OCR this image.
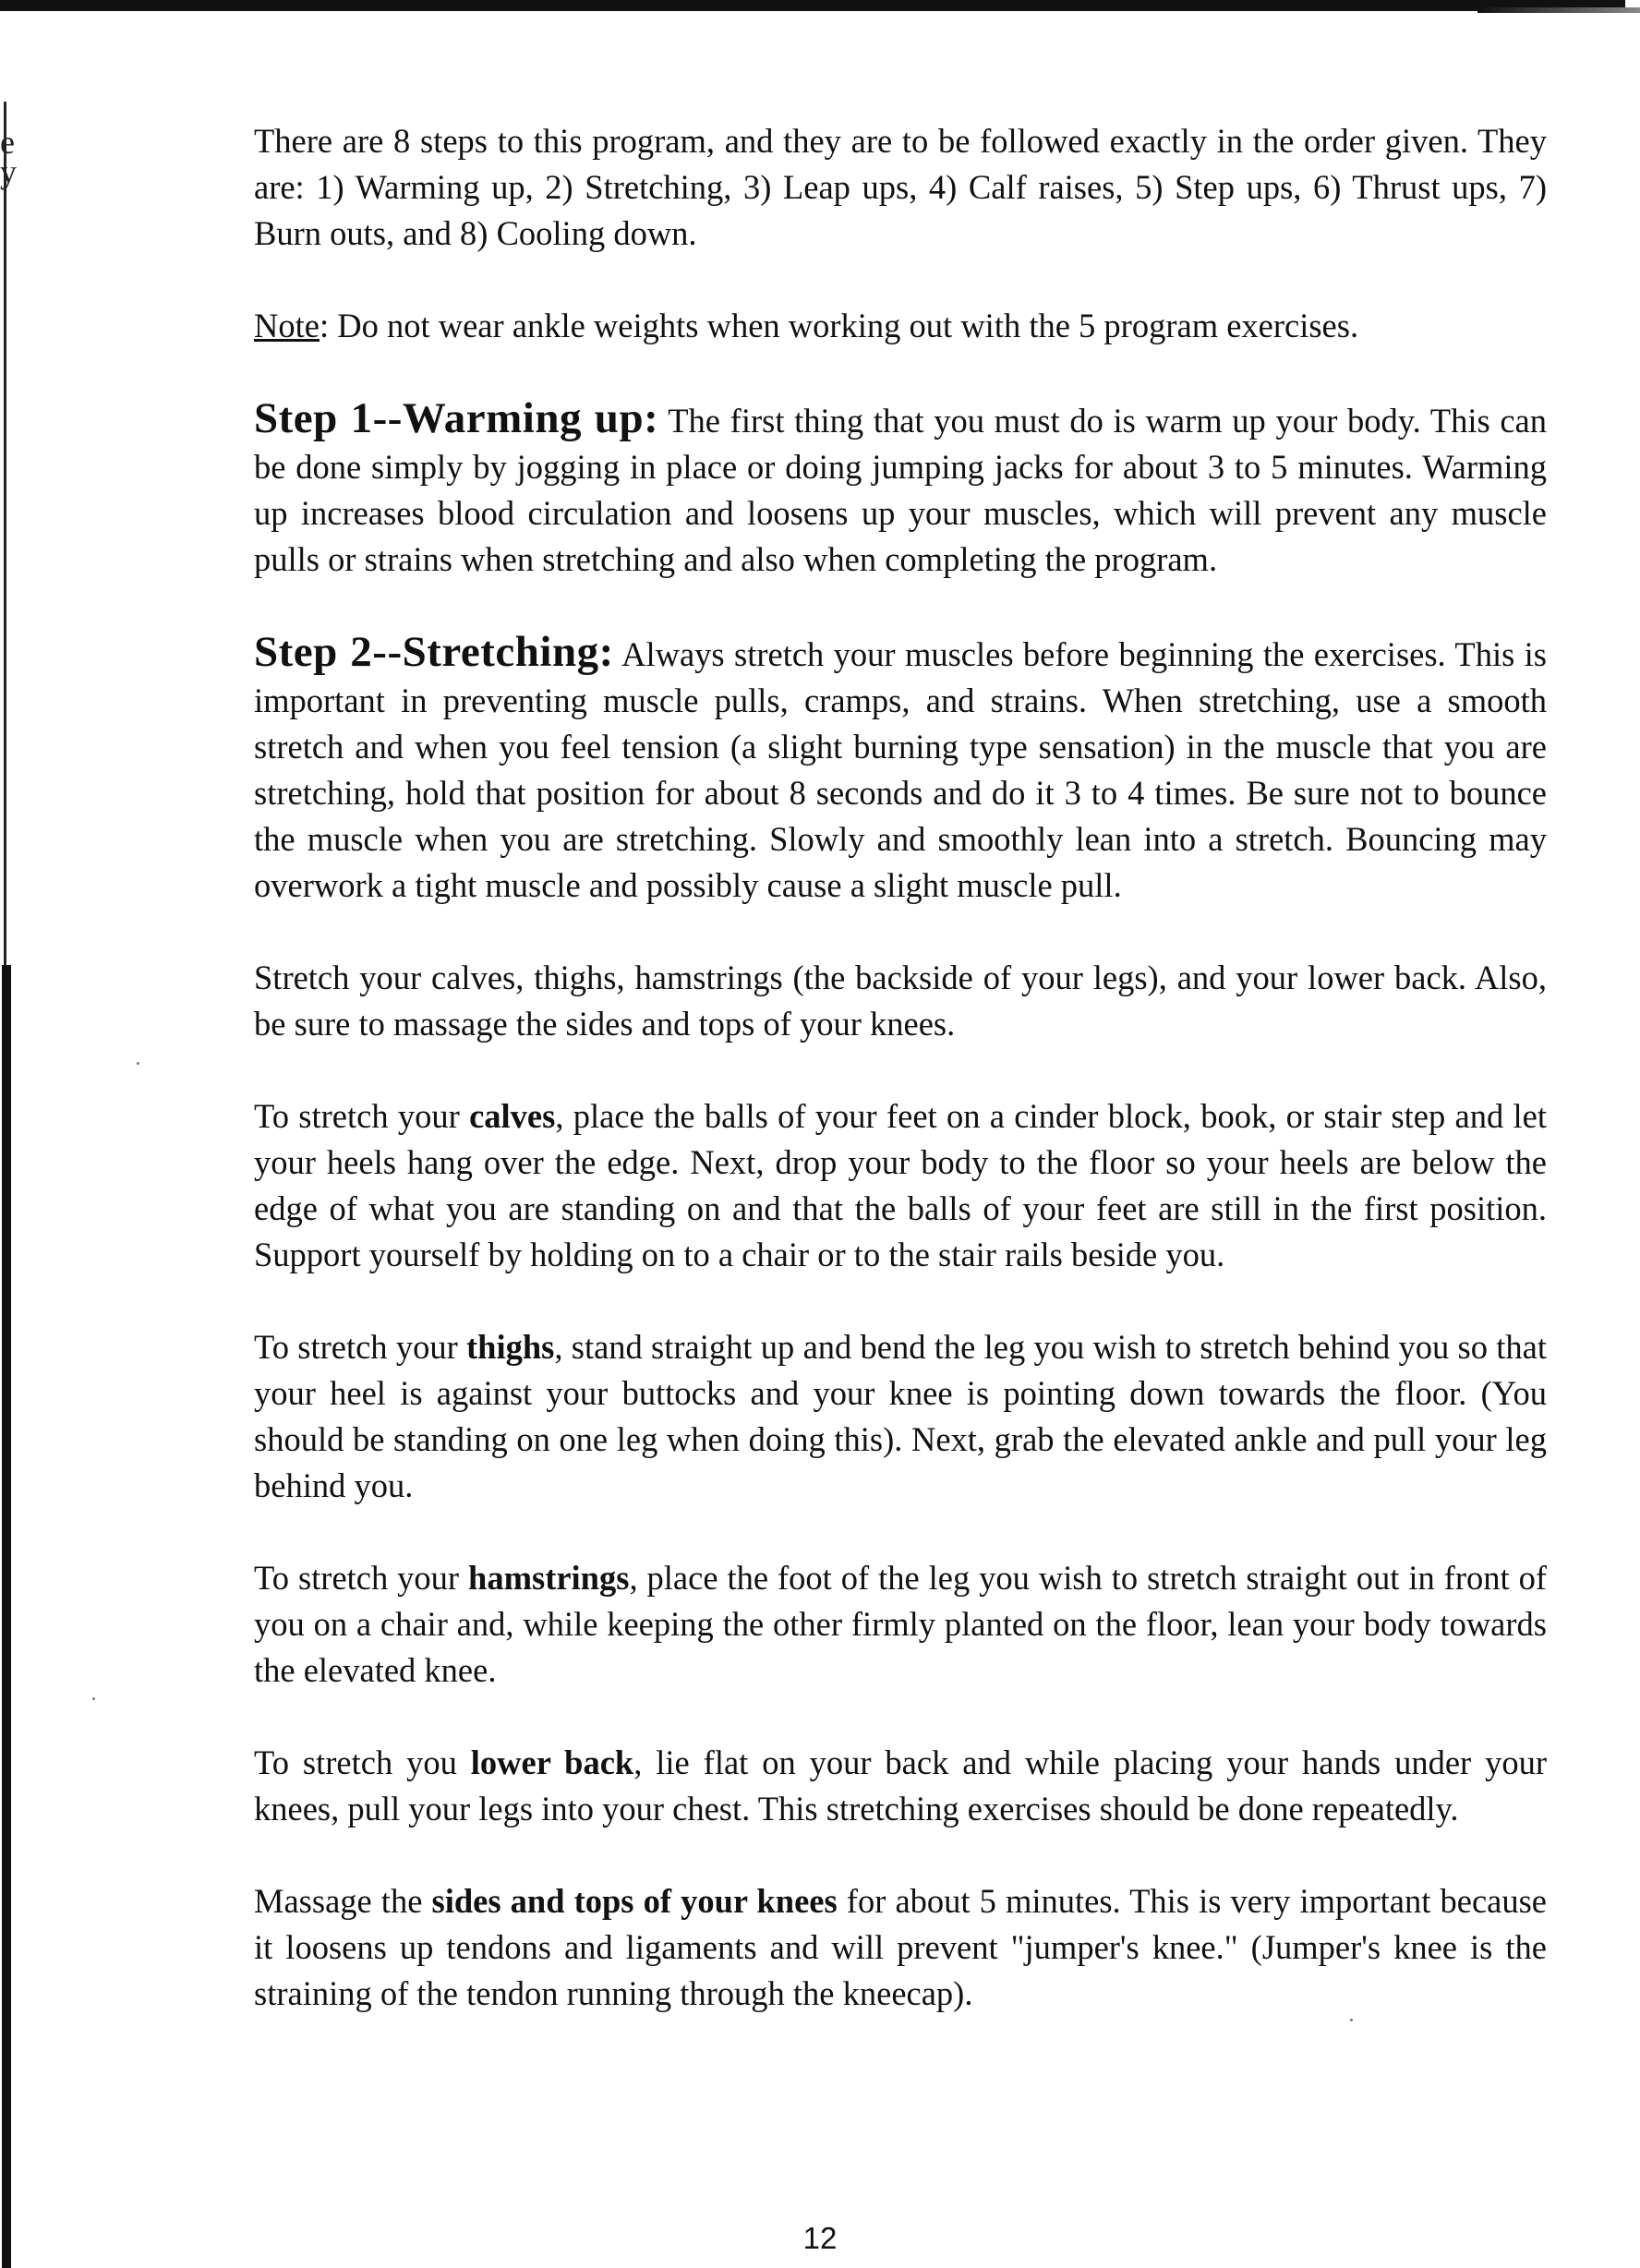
e
y

There are 8 steps to this program, and they are to be followed exactly in the order given. They are: 1) Warming up, 2) Stretching, 3) Leap ups, 4) Calf raises, 5) Step ups, 6) Thrust ups, 7) Burn outs, and 8) Cooling down.

Note: Do not wear ankle weights when working out with the 5 program exercises.

Step 1--Warming up: The first thing that you must do is warm up your body. This can be done simply by jogging in place or doing jumping jacks for about 3 to 5 minutes. Warming up increases blood circulation and loosens up your muscles, which will prevent any muscle pulls or strains when stretching and also when completing the program.

Step 2--Stretching: Always stretch your muscles before beginning the exercises. This is important in preventing muscle pulls, cramps, and strains. When stretching, use a smooth stretch and when you feel tension (a slight burning type sensation) in the muscle that you are stretching, hold that position for about 8 seconds and do it 3 to 4 times. Be sure not to bounce the muscle when you are stretching. Slowly and smoothly lean into a stretch. Bouncing may overwork a tight muscle and possibly cause a slight muscle pull.

Stretch your calves, thighs, hamstrings (the backside of your legs), and your lower back. Also, be sure to massage the sides and tops of your knees.

To stretch your calves, place the balls of your feet on a cinder block, book, or stair step and let your heels hang over the edge. Next, drop your body to the floor so your heels are below the edge of what you are standing on and that the balls of your feet are still in the first position. Support yourself by holding on to a chair or to the stair rails beside you.

To stretch your thighs, stand straight up and bend the leg you wish to stretch behind you so that your heel is against your buttocks and your knee is pointing down towards the floor. (You should be standing on one leg when doing this). Next, grab the elevated ankle and pull your leg behind you.

To stretch your hamstrings, place the foot of the leg you wish to stretch straight out in front of you on a chair and, while keeping the other firmly planted on the floor, lean your body towards the elevated knee.

To stretch you lower back, lie flat on your back and while placing your hands under your knees, pull your legs into your chest. This stretching exercises should be done repeatedly.

Massage the sides and tops of your knees for about 5 minutes. This is very important because it loosens up tendons and ligaments and will prevent "jumper's knee." (Jumper's knee is the straining of the tendon running through the kneecap).

12
